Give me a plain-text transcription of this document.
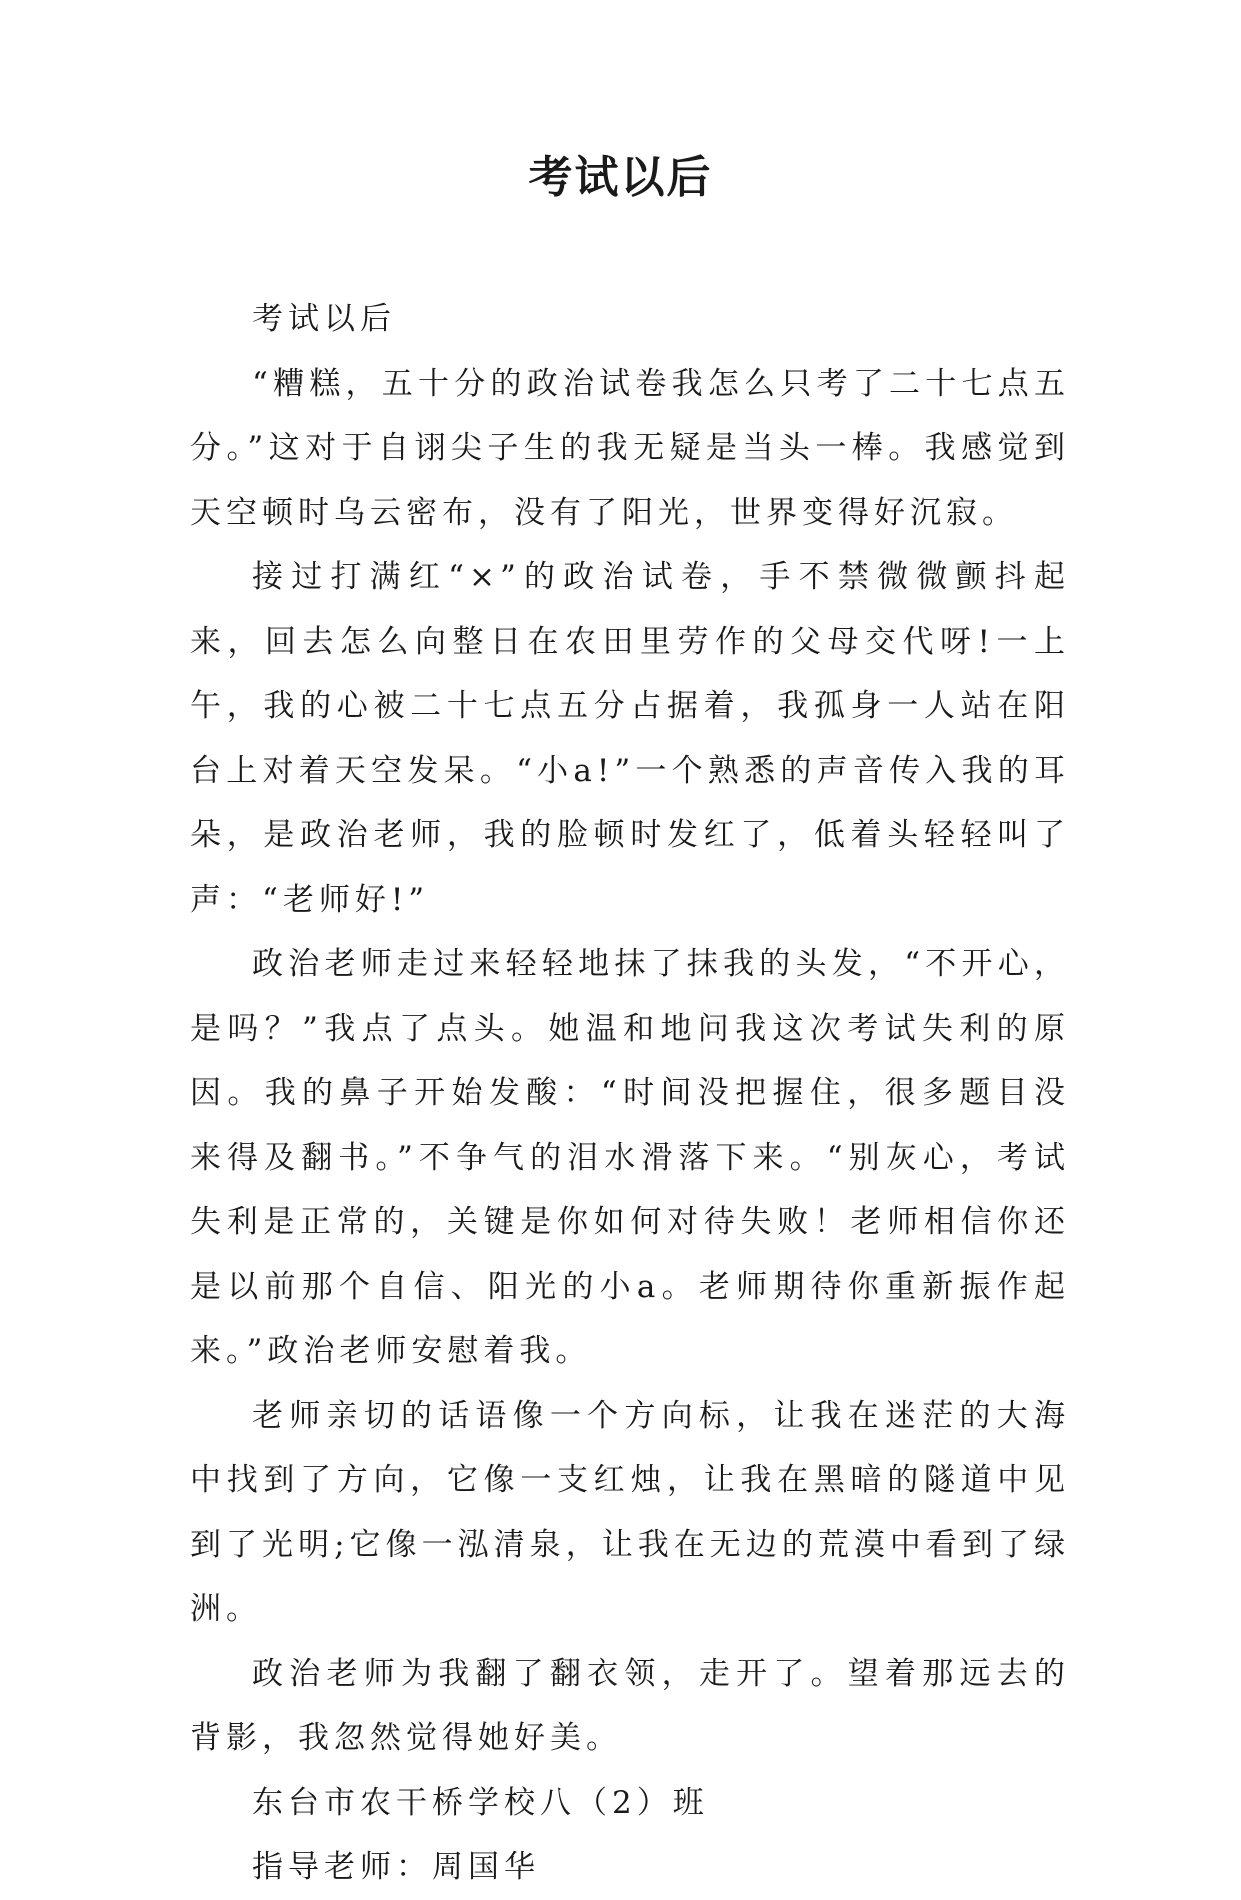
考试以后

考试以后

“糟糕，五十分的政治试卷我怎么只考了二十七点五分。”这对于自诩尖子生的我无疑是当头一棒。我感觉到天空顿时乌云密布，没有了阳光，世界变得好沉寂。

接过打满红“×”的政治试卷，手不禁微微颤抖起来，回去怎么向整日在农田里劳作的父母交代呀!一上午，我的心被二十七点五分占据着，我孤身一人站在阳台上对着天空发呆。“小a!”一个熟悉的声音传入我的耳朵，是政治老师，我的脸顿时发红了，低着头轻轻叫了声：“老师好!”

政治老师走过来轻轻地抹了抹我的头发，“不开心，是吗？”我点了点头。她温和地问我这次考试失利的原因。我的鼻子开始发酸：“时间没把握住，很多题目没来得及翻书。”不争气的泪水滑落下来。“别灰心，考试失利是正常的，关键是你如何对待失败！老师相信你还是以前那个自信、阳光的小a。老师期待你重新振作起来。”政治老师安慰着我。

老师亲切的话语像一个方向标，让我在迷茫的大海中找到了方向，它像一支红烛，让我在黑暗的隧道中见到了光明;它像一泓清泉，让我在无边的荒漠中看到了绿洲。

政治老师为我翻了翻衣领，走开了。望着那远去的背影，我忽然觉得她好美。

东台市农干桥学校八（2）班

指导老师：周国华
